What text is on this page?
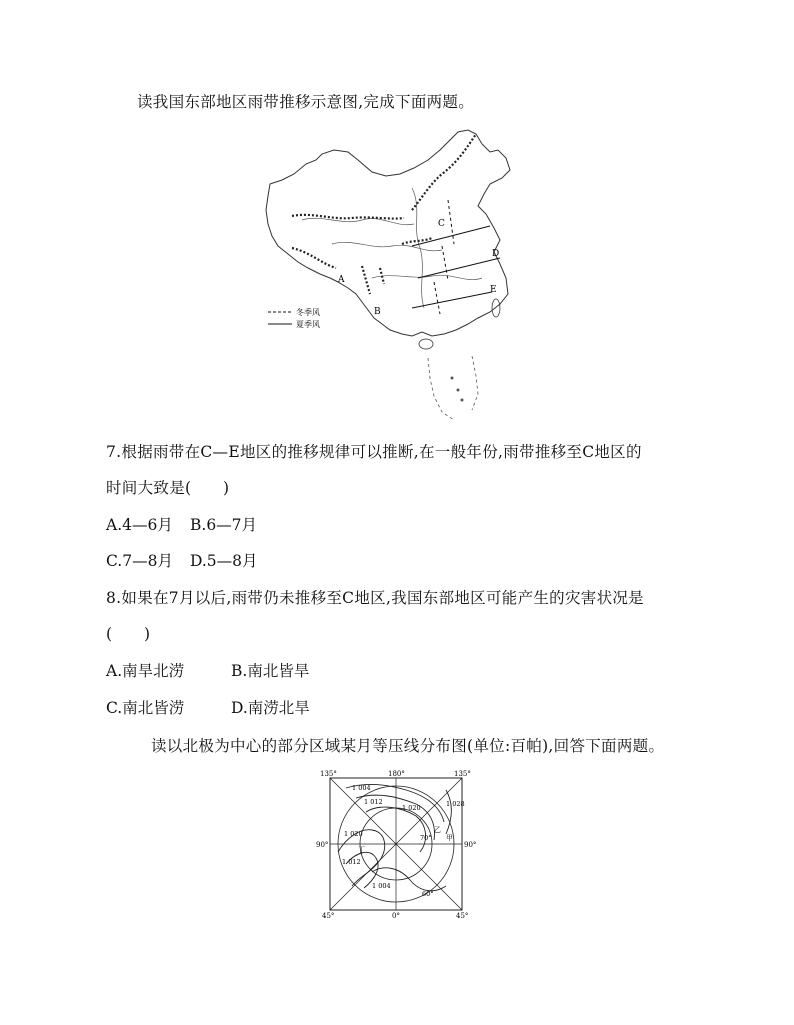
读我国东部地区雨带推移示意图,完成下面两题。
A
B
C
D
E
冬季风
夏季风
7.根据雨带在C—E地区的推移规律可以推断,在一般年份,雨带推移至C地区的
时间大致是(　　)
A.4—6月 B.6—7月
C.7—8月 D.5—8月
8.如果在7月以后,雨带仍未推移至C地区,我国东部地区可能产生的灾害状况是
(　　)
A.南旱北涝	B.南北皆旱
C.南北皆涝	D.南涝北旱
读以北极为中心的部分区域某月等压线分布图(单位:百帕),回答下面两题。
135°	180°	135°
90°	90°
45°	0°	45°
1 004
1 012
1 020	1 028
1 020
1 012
1 004
70°
60°
乙
甲
丁
